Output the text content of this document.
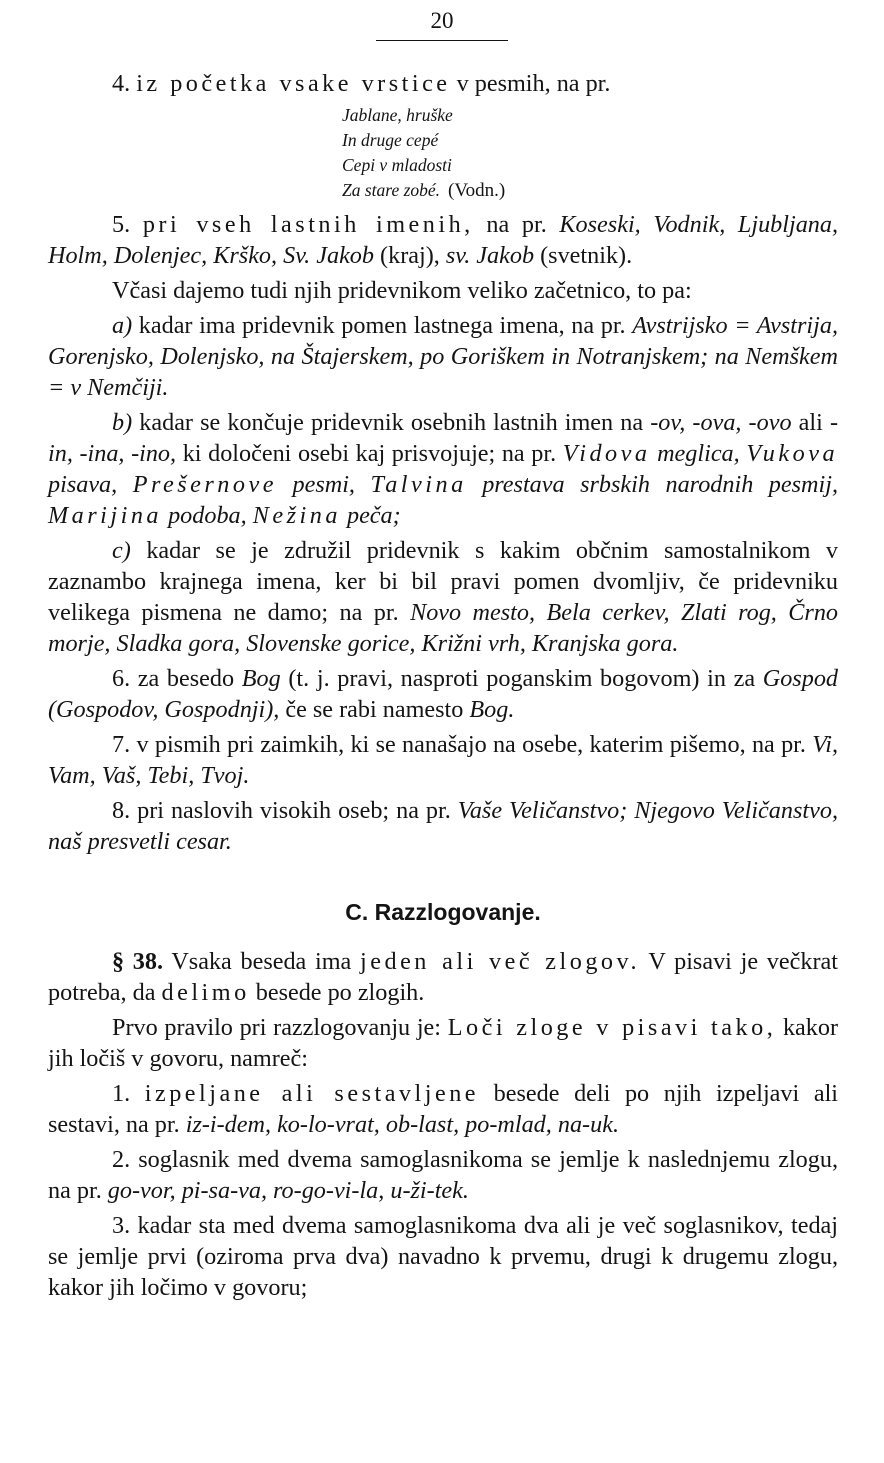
20

4. iz početka vsake vrstice v pesmih, na pr.

Jablane, hruške
In druge cepé
Cepi v mladosti
Za stare zobé. (Vodn.)

5. pri vseh lastnih imenih, na pr. Koseski, Vodnik, Ljubljana, Holm, Dolenjec, Krško, Sv. Jakob (kraj), sv. Jakob (svetnik).

Včasi dajemo tudi njih pridevnikom veliko začetnico, to pa:

a) kadar ima pridevnik pomen lastnega imena, na pr. Avstrijsko = Avstrija, Gorenjsko, Dolenjsko, na Štajerskem, po Goriškem in Notranjskem; na Nemškem = v Nemčiji.

b) kadar se končuje pridevnik osebnih lastnih imen na -ov, -ova, -ovo ali -in, -ina, -ino, ki določeni osebi kaj prisvojuje; na pr. Vidova meglica, Vukova pisava, Prešernove pesmi, Talvina prestava srbskih narodnih pesmij, Marijina podoba, Nežina peča;

c) kadar se je združil pridevnik s kakim občnim samostalnikom v zaznambo krajnega imena, ker bi bil pravi pomen dvomljiv, če pridevniku velikega pismena ne damo; na pr. Novo mesto, Bela cerkev, Zlati rog, Črno morje, Sladka gora, Slovenske gorice, Križni vrh, Kranjska gora.

6. za besedo Bog (t. j. pravi, nasproti poganskim bogovom) in za Gospod (Gospodov, Gospodnji), če se rabi namesto Bog.

7. v pismih pri zaimkih, ki se nanašajo na osebe, katerim pišemo, na pr. Vi, Vam, Vaš, Tebi, Tvoj.

8. pri naslovih visokih oseb; na pr. Vaše Veličanstvo; Njegovo Veličanstvo, naš presvetli cesar.

C. Razzlogovanje.

§ 38. Vsaka beseda ima jeden ali več zlogov. V pisavi je večkrat potreba, da delimo besede po zlogih.

Prvo pravilo pri razzlogovanju je: Loči zloge v pisavi tako, kakor jih ločiš v govoru, namreč:

1. izpeljane ali sestavljene besede deli po njih izpeljavi ali sestavi, na pr. iz-i-dem, ko-lo-vrat, ob-last, po-mlad, na-uk.

2. soglasnik med dvema samoglasnikoma se jemlje k naslednjemu zlogu, na pr. go-vor, pi-sa-va, ro-go-vi-la, u-ži-tek.

3. kadar sta med dvema samoglasnikoma dva ali je več soglasnikov, tedaj se jemlje prvi (oziroma prva dva) navadno k prvemu, drugi k drugemu zlogu, kakor jih ločimo v govoru;
